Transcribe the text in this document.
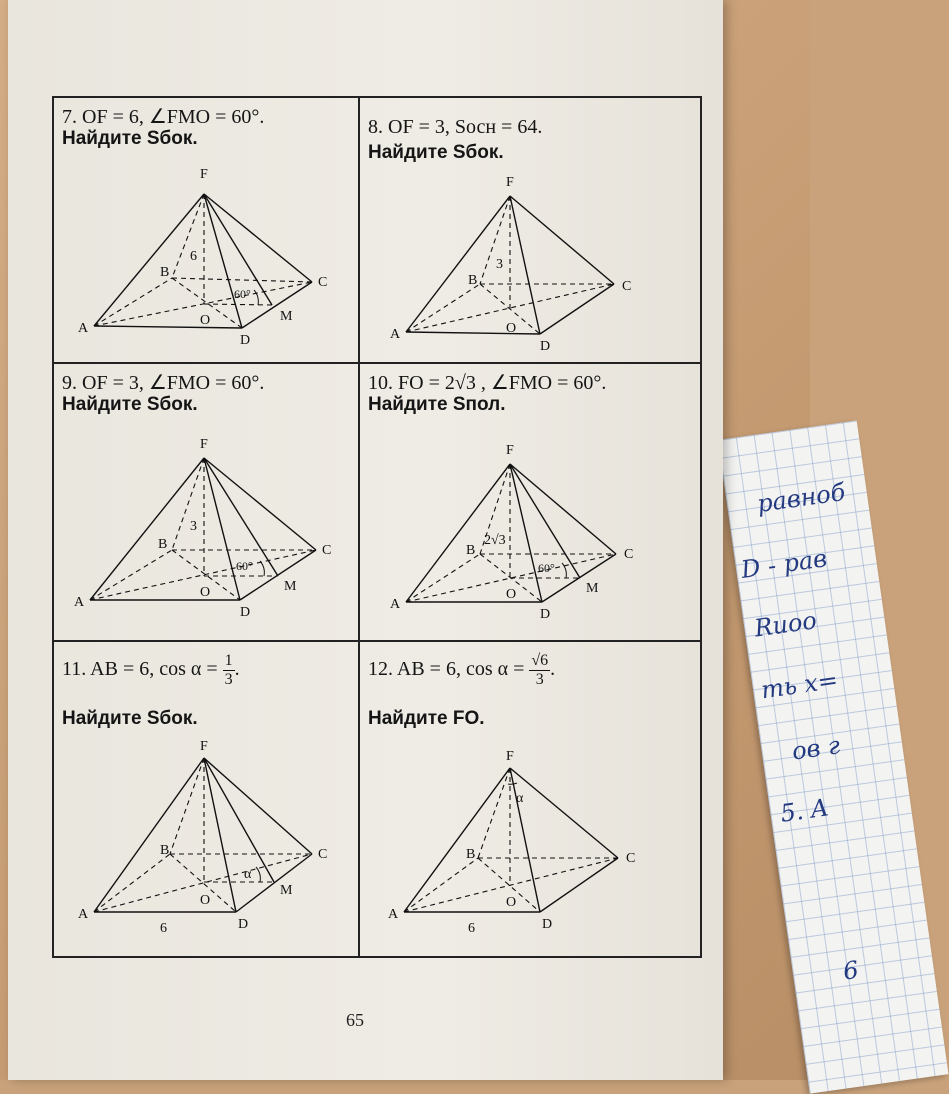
равноб
D - рав
Rиоо
ть x=
ов г
5. A
6
7. OF = 6, ∠FMO = 60°.
Найдите Sбок.
F
B
C
A
O
D
M
6
60°
8. OF = 3, Sосн = 64.
Найдите Sбок.
F
B	C
A	O
D
3
9. OF = 3, ∠FMO = 60°.
Найдите Sбок.
F
B	C
A
O
D
M
3
60°
10. FO = 2√3 , ∠FMO = 60°.
Найдите Sпол.
F
B	C
A
O
D
M
2√3
60°
11. AB = 6, $\cos \alpha = \frac{1}{3}$ .
Найдите Sбок.
F
B	C
A
O
D
M
6
α
12. AB = 6, $\cos \alpha = \frac{√6}{3}$ .
Найдите FO.
F
B	C
A
O
D
6
α
65
